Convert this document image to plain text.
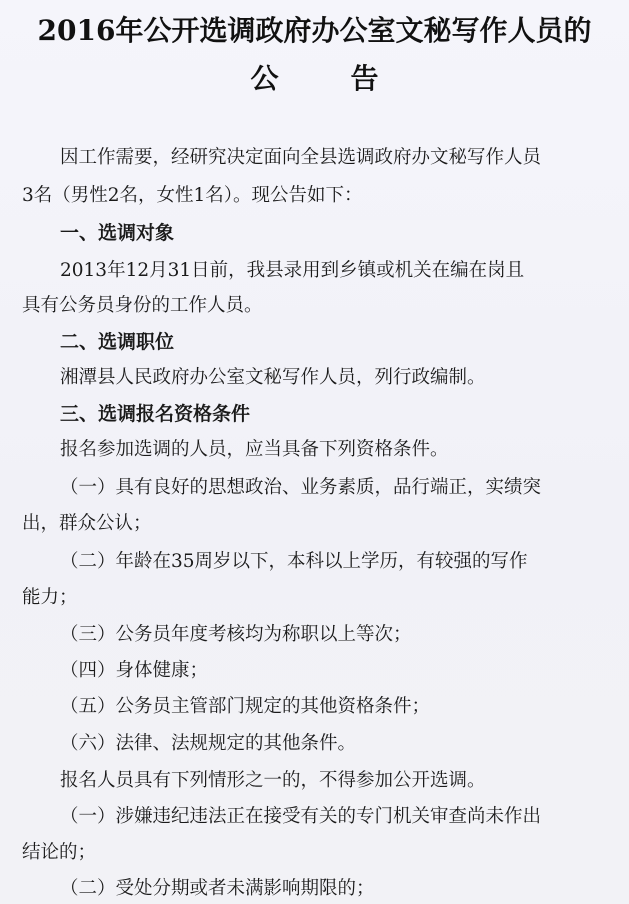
2016年公开选调政府办公室文秘写作人员的
公告
因工作需要，经研究决定面向全县选调政府办文秘写作人员
3名（男性2名，女性1名）。现公告如下：
一、选调对象
2013年12月31日前，我县录用到乡镇或机关在编在岗且
具有公务员身份的工作人员。
二、选调职位
湘潭县人民政府办公室文秘写作人员，列行政编制。
三、选调报名资格条件
报名参加选调的人员，应当具备下列资格条件。
（一）具有良好的思想政治、业务素质，品行端正，实绩突
出，群众公认；
（二）年龄在35周岁以下，本科以上学历，有较强的写作
能力；
（三）公务员年度考核均为称职以上等次；
（四）身体健康；
（五）公务员主管部门规定的其他资格条件；
（六）法律、法规规定的其他条件。
报名人员具有下列情形之一的，不得参加公开选调。
（一）涉嫌违纪违法正在接受有关的专门机关审查尚未作出
结论的；
（二）受处分期或者未满影响期限的；
